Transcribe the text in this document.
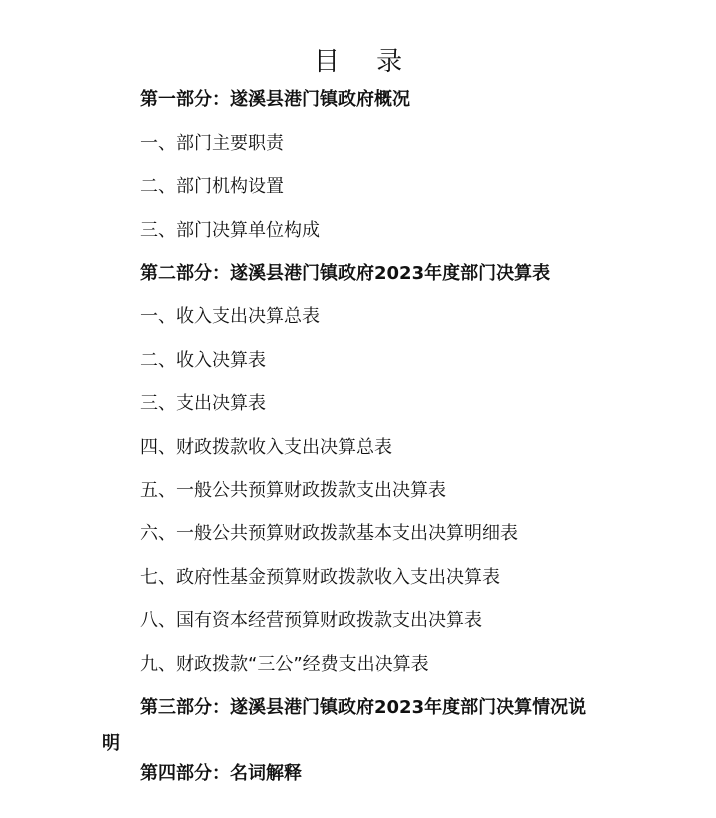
目 录
第一部分：遂溪县港门镇政府概况
一、部门主要职责
二、部门机构设置
三、部门决算单位构成
第二部分：遂溪县港门镇政府2023年度部门决算表
一、收入支出决算总表
二、收入决算表
三、支出决算表
四、财政拨款收入支出决算总表
五、一般公共预算财政拨款支出决算表
六、一般公共预算财政拨款基本支出决算明细表
七、政府性基金预算财政拨款收入支出决算表
八、国有资本经营预算财政拨款支出决算表
九、财政拨款“三公”经费支出决算表
第三部分：遂溪县港门镇政府2023年度部门决算情况说
明
第四部分：名词解释
